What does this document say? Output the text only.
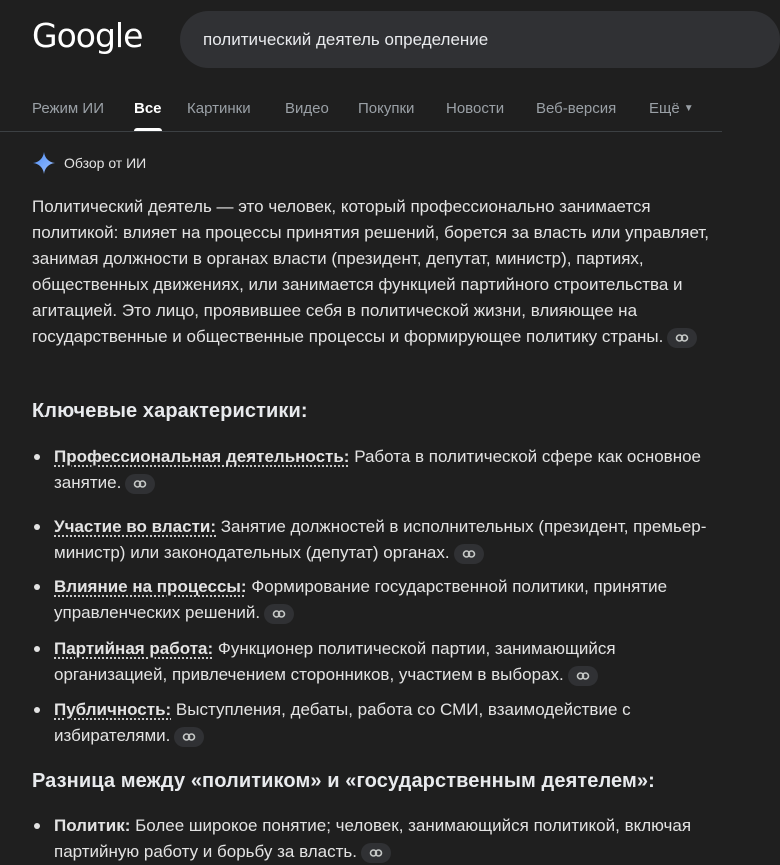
Google	политический деятель определение
Режим ИИ Все Картинки Видео Покупки Новости Веб-версия Ещё ▼
Обзор от ИИ
Политический деятель — это человек, который профессионально занимается политикой: влияет на процессы принятия решений, борется за власть или управляет, занимая должности в органах власти (президент, депутат, министр), партиях, общественных движениях, или занимается функцией партийного строительства и агитацией. Это лицо, проявившее себя в политической жизни, влияющее на государственные и общественные процессы и формирующее политику страны.
Ключевые характеристики:
Профессиональная деятельность: Работа в политической сфере как основное занятие.
Участие во власти: Занятие должностей в исполнительных (президент, премьер-министр) или законодательных (депутат) органах.
Влияние на процессы: Формирование государственной политики, принятие управленческих решений.
Партийная работа: Функционер политической партии, занимающийся организацией, привлечением сторонников, участием в выборах.
Публичность: Выступления, дебаты, работа со СМИ, взаимодействие с избирателями.
Разница между «политиком» и «государственным деятелем»:
Политик: Более широкое понятие; человек, занимающийся политикой, включая партийную работу и борьбу за власть.
